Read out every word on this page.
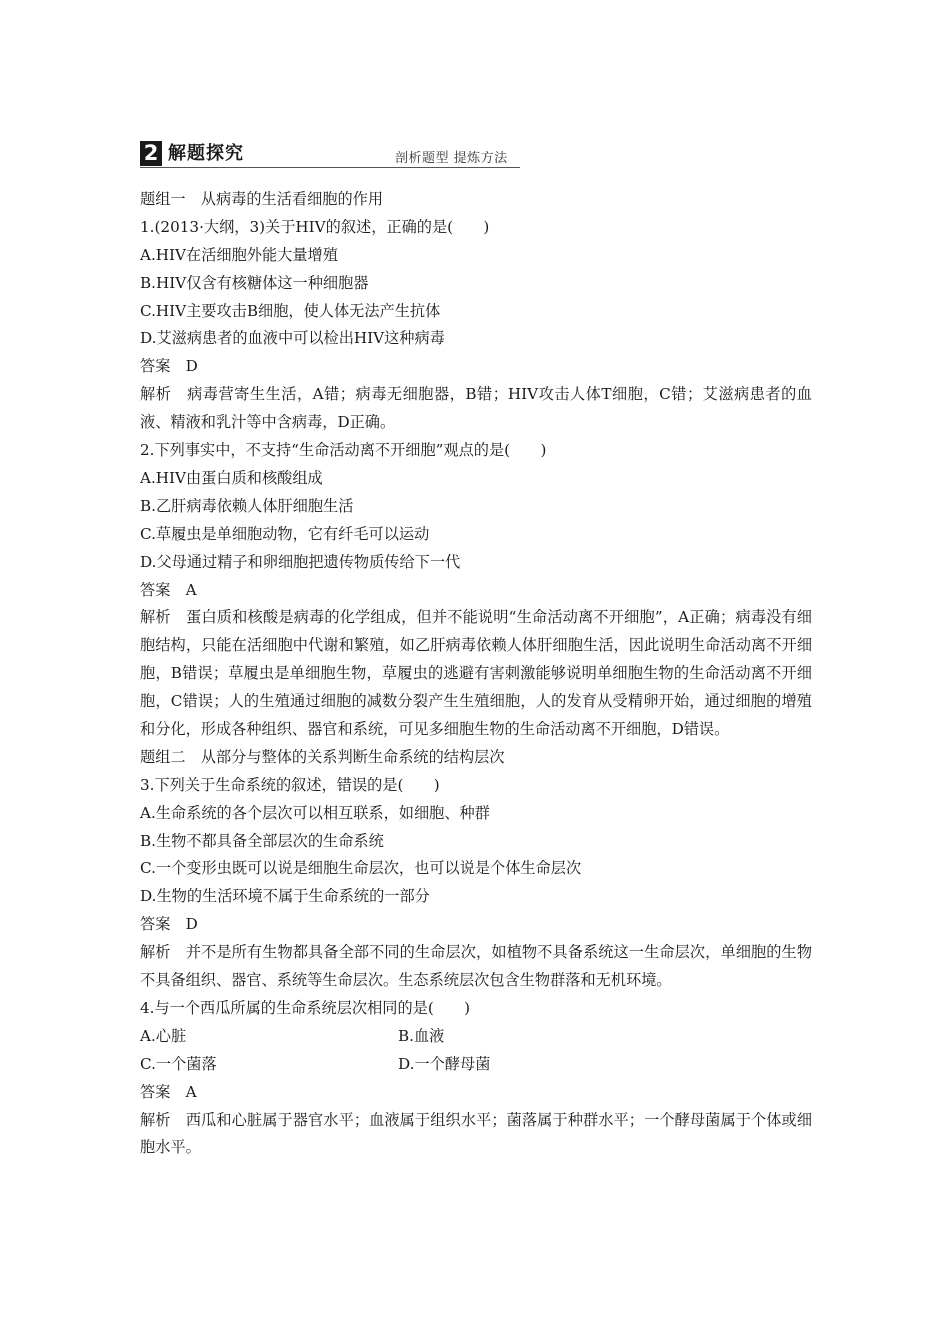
2 解题探究	剖析题型 提炼方法
题组一　从病毒的生活看细胞的作用
1.(2013·大纲，3)关于HIV的叙述，正确的是(　　)
A.HIV在活细胞外能大量增殖
B.HIV仅含有核糖体这一种细胞器
C.HIV主要攻击B细胞，使人体无法产生抗体
D.艾滋病患者的血液中可以检出HIV这种病毒
答案　D
解析　病毒营寄生生活，A错；病毒无细胞器，B错；HIV攻击人体T细胞，C错；艾滋病患者的血液、精液和乳汁等中含病毒，D正确。
2.下列事实中，不支持“生命活动离不开细胞”观点的是(　　)
A.HIV由蛋白质和核酸组成
B.乙肝病毒依赖人体肝细胞生活
C.草履虫是单细胞动物，它有纤毛可以运动
D.父母通过精子和卵细胞把遗传物质传给下一代
答案　A
解析　蛋白质和核酸是病毒的化学组成，但并不能说明“生命活动离不开细胞”，A正确；病毒没有细胞结构，只能在活细胞中代谢和繁殖，如乙肝病毒依赖人体肝细胞生活，因此说明生命活动离不开细胞，B错误；草履虫是单细胞生物，草履虫的逃避有害刺激能够说明单细胞生物的生命活动离不开细胞，C错误；人的生殖通过细胞的减数分裂产生生殖细胞，人的发育从受精卵开始，通过细胞的增殖和分化，形成各种组织、器官和系统，可见多细胞生物的生命活动离不开细胞，D错误。
题组二　从部分与整体的关系判断生命系统的结构层次
3.下列关于生命系统的叙述，错误的是(　　)
A.生命系统的各个层次可以相互联系，如细胞、种群
B.生物不都具备全部层次的生命系统
C.一个变形虫既可以说是细胞生命层次，也可以说是个体生命层次
D.生物的生活环境不属于生命系统的一部分
答案　D
解析　并不是所有生物都具备全部不同的生命层次，如植物不具备系统这一生命层次，单细胞的生物不具备组织、器官、系统等生命层次。生态系统层次包含生物群落和无机环境。
4.与一个西瓜所属的生命系统层次相同的是(　　)
A.心脏	B.血液
C.一个菌落	D.一个酵母菌
答案　A
解析　西瓜和心脏属于器官水平；血液属于组织水平；菌落属于种群水平；一个酵母菌属于个体或细胞水平。
